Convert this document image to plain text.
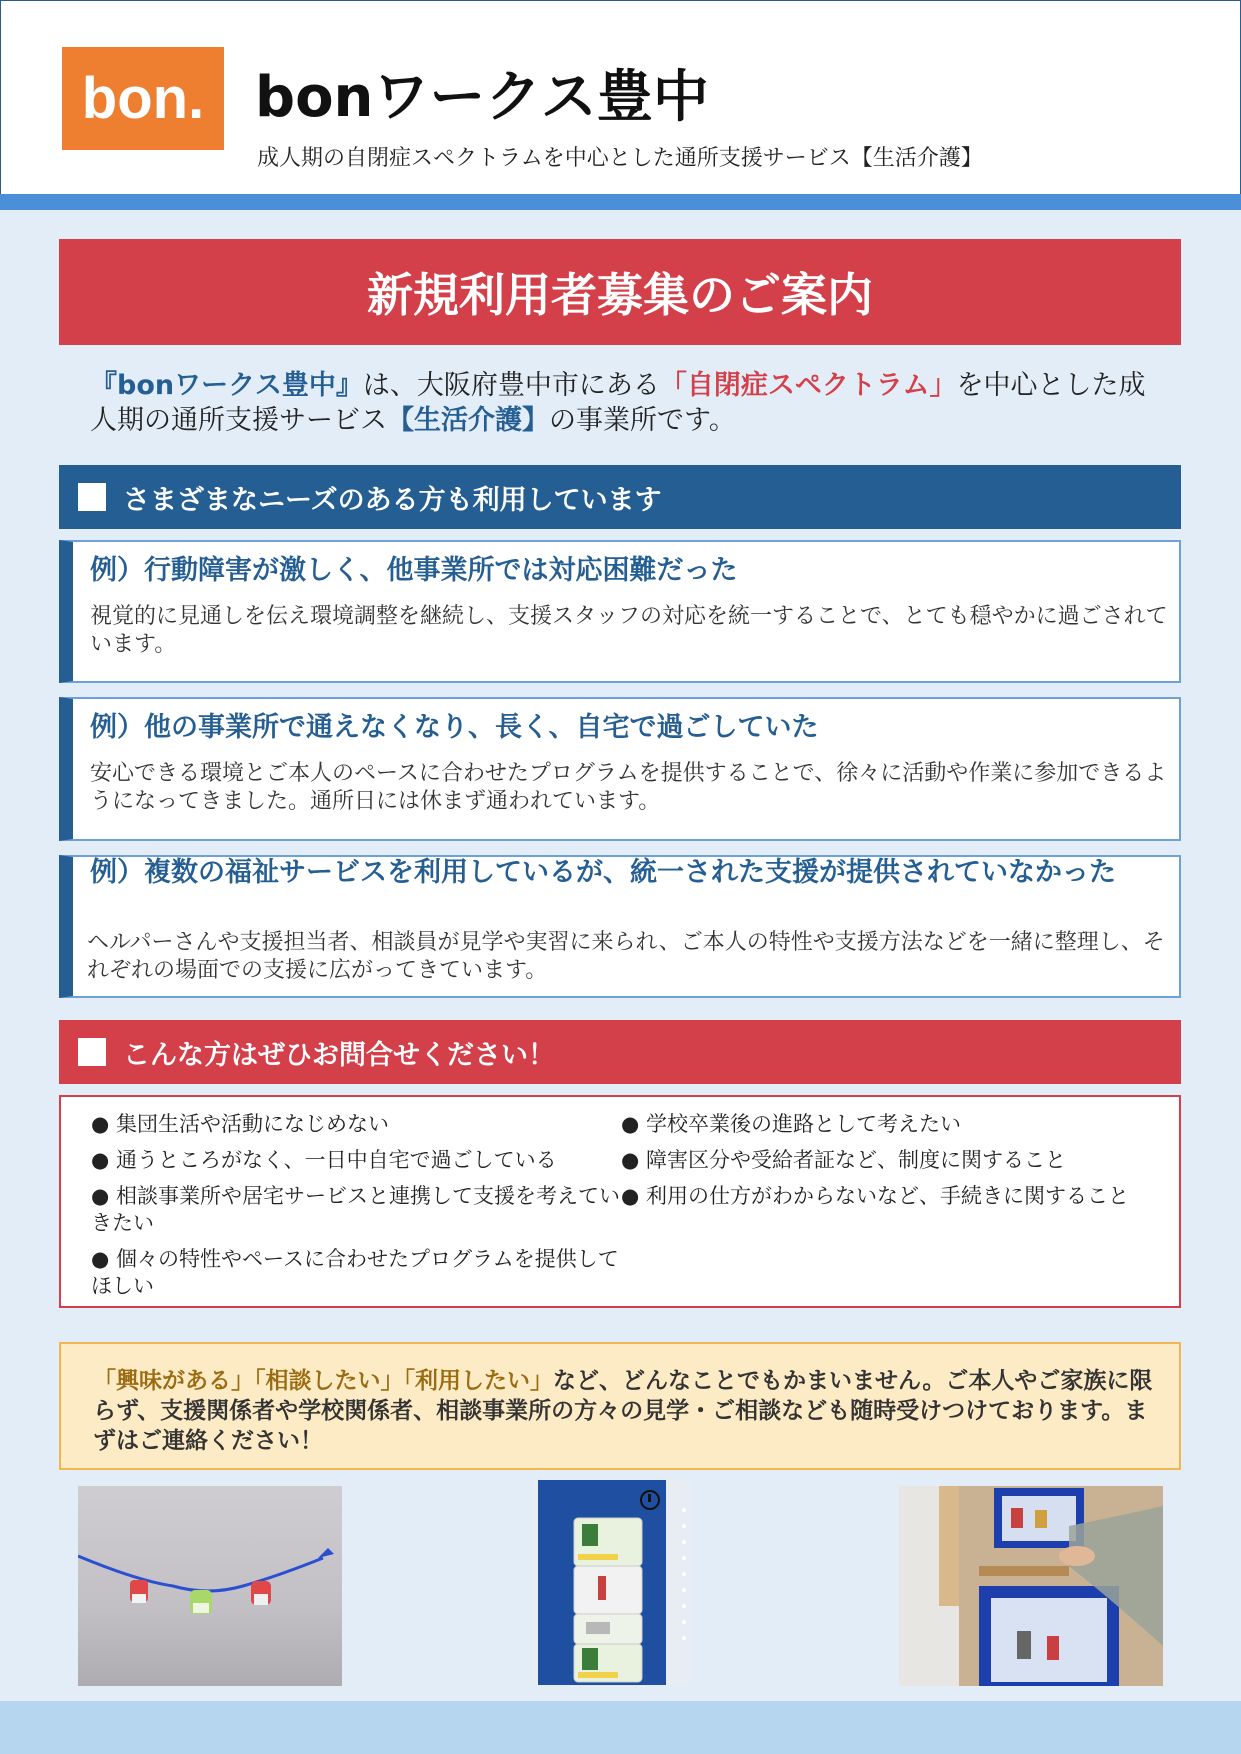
bon. bonワークス豊中
成人期の自閉症スペクトラムを中心とした通所支援サービス【生活介護】
新規利用者募集のご案内
『bonワークス豊中』は、大阪府豊中市にある「自閉症スペクトラム」を中心とした成人期の通所支援サービス【生活介護】の事業所です。
さまざまなニーズのある方も利用しています
例）行動障害が激しく、他事業所では対応困難だった
視覚的に見通しを伝え環境調整を継続し、支援スタッフの対応を統一することで、とても穏やかに過ごされています。
例）他の事業所で通えなくなり、長く、自宅で過ごしていた
安心できる環境とご本人のペースに合わせたプログラムを提供することで、徐々に活動や作業に参加できるようになってきました。通所日には休まず通われています。
例）複数の福祉サービスを利用しているが、統一された支援が提供されていなかった
ヘルパーさんや支援担当者、相談員が見学や実習に来られ、ご本人の特性や支援方法などを一緒に整理し、それぞれの場面での支援に広がってきています。
こんな方はぜひお問合せください！
● 集団生活や活動になじめない
● 通うところがなく、一日中自宅で過ごしている
● 相談事業所や居宅サービスと連携して支援を考えていきたい
● 個々の特性やペースに合わせたプログラムを提供してほしい
● 学校卒業後の進路として考えたい
● 障害区分や受給者証など、制度に関すること
● 利用の仕方がわからないなど、手続きに関すること
「興味がある」「相談したい」「利用したい」など、どんなことでもかまいません。ご本人やご家族に限らず、支援関係者や学校関係者、相談事業所の方々の見学・ご相談なども随時受けつけております。まずはご連絡ください！
